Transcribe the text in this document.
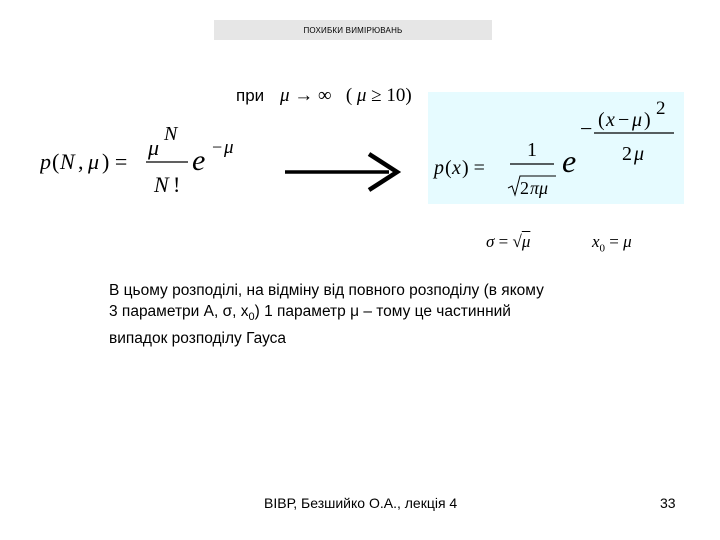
ПОХИБКИ ВИМІРЮВАНЬ
при μ → ∞   ( μ ≥ 10)
p ( N , μ ) =
μ
N
N !
e − μ
p ( x ) =
1
2 πμ
e
− ( x − μ )
2
2 μ
σ = √μ	$x_0 = \mu$
В цьому розподілі, на відміну від повного розподілу (в якому
3 параметри A, σ, $x_0$) 1 параметр μ – тому це частинний
випадок розподілу Гауса
ВІВР, Безшийко О.А., лекція 4	33
